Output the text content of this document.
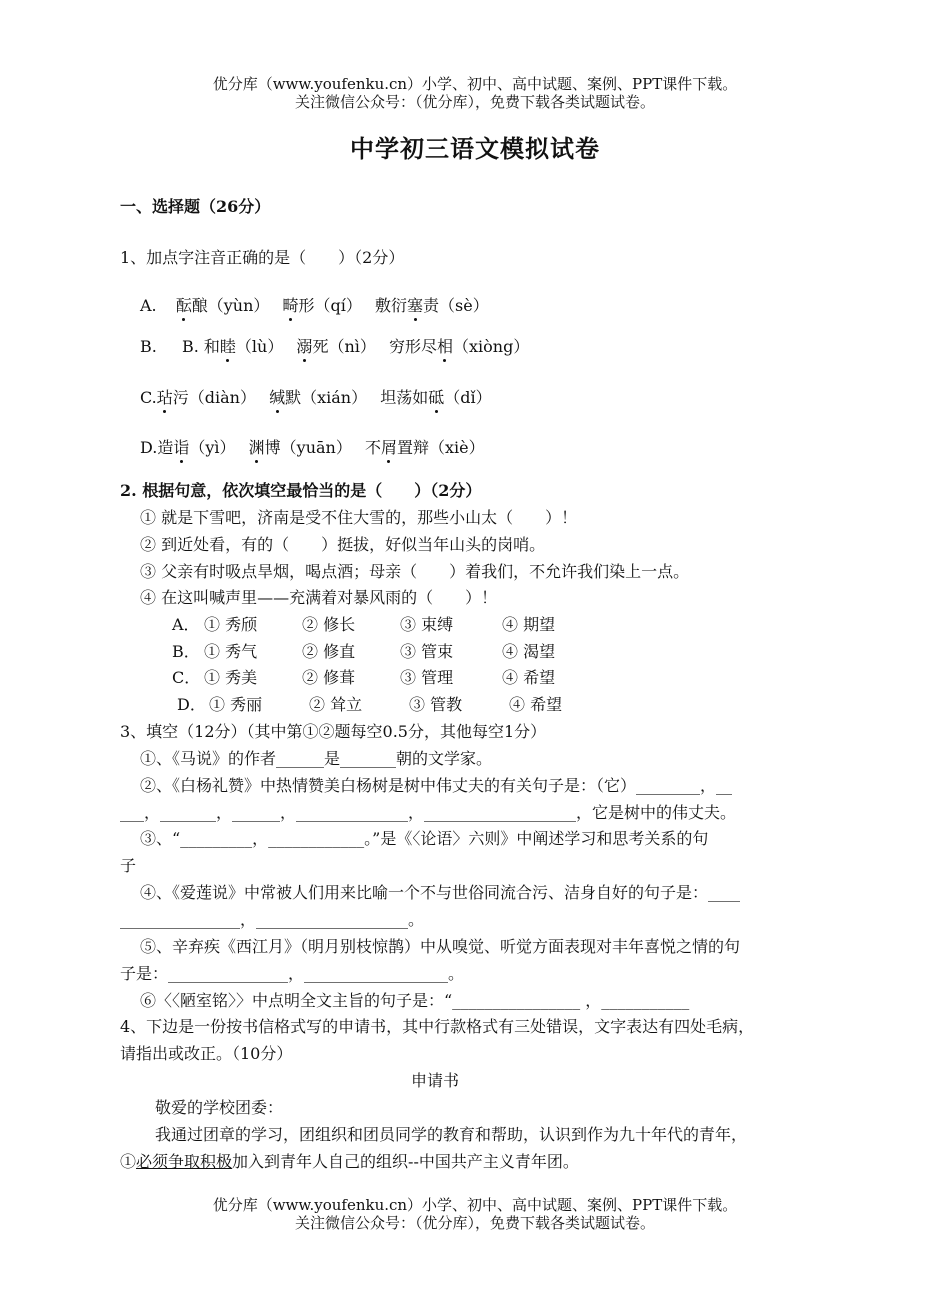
优分库（www.youfenku.cn）小学、初中、高中试题、案例、PPT课件下载。
关注微信公众号：（优分库），免费下载各类试题试卷。
中学初三语文模拟试卷
一、选择题（26分）
1、加点字注音正确的是（　　）（2分）
A. 酝酿（yùn） 畸形（qí） 敷衍塞责（sè）
B. B. 和睦（lù） 溺死（nì） 穷形尽相（xiòng）
C.玷污（diàn） 缄默（xián） 坦荡如砥（dǐ）
D.造诣（yì） 渊博（yuān） 不屑置辩（xiè）
2. 根据句意，依次填空最恰当的是（　　）（2分）
① 就是下雪吧，济南是受不住大雪的，那些小山太（　　）！
② 到近处看，有的（　　）挺拔，好似当年山头的岗哨。
③ 父亲有时吸点旱烟，喝点酒；母亲（　　）着我们，不允许我们染上一点。
④ 在这叫喊声里——充满着对暴风雨的（　　）！
A． ① 秀颀	② 修长	③ 束缚	④ 期望
B． ① 秀气	② 修直	③ 管束	④ 渴望
C． ① 秀美	② 修葺	③ 管理	④ 希望
D． ① 秀丽	② 耸立	③ 管教	④ 希望
3、填空（12分）（其中第①②题每空0.5分，其他每空1分）
①、《马说》的作者______是_______朝的文学家。
②、《白杨礼赞》中热情赞美白杨树是树中伟丈夫的有关句子是：（它）________，__
___，_______，______，______________，___________________，它是树中的伟丈夫。
③、“_________，____________。”是《〈论语〉六则》中阐述学习和思考关系的句
子
④、《爱莲说》中常被人们用来比喻一个不与世俗同流合污、洁身自好的句子是：____
_______________，___________________。
⑤、辛弃疾《西江月》（明月别枝惊鹊）中从嗅觉、听觉方面表现对丰年喜悦之情的句
子是：_______________，__________________。
⑥〈〈陋室铭〉〉中点明全文主旨的句子是：“________________ ，___________
4、下边是一份按书信格式写的申请书，其中行款格式有三处错误，文字表达有四处毛病，
请指出或改正。（10分）
申请书
敬爱的学校团委：
我通过团章的学习，团组织和团员同学的教育和帮助，认识到作为九十年代的青年，
①必须争取积极加入到青年人自己的组织--中国共产主义青年团。
优分库（www.youfenku.cn）小学、初中、高中试题、案例、PPT课件下载。
关注微信公众号：（优分库），免费下载各类试题试卷。
